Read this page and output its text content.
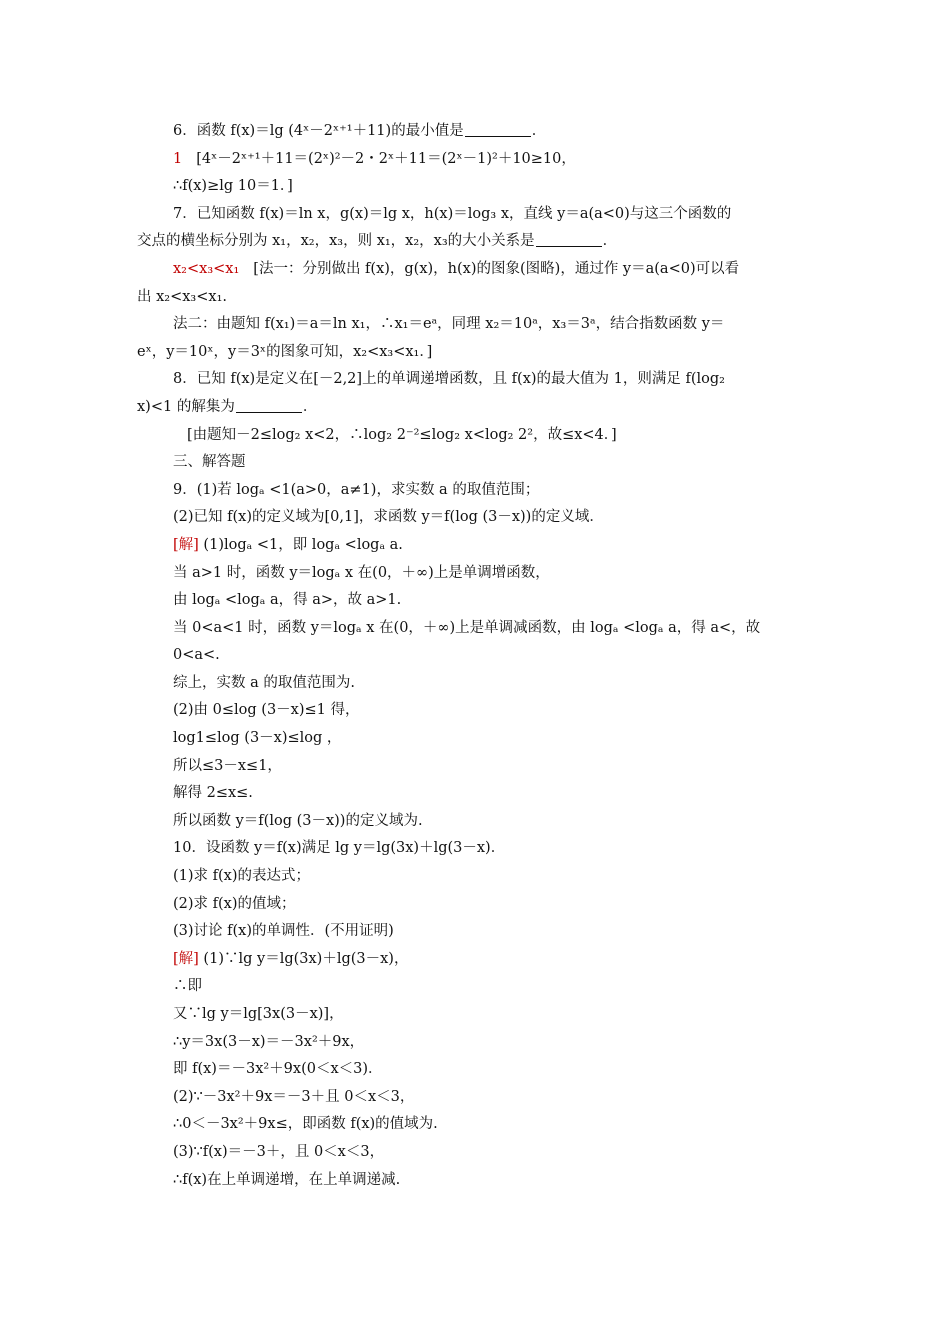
6．函数 f(x)＝lg (4ˣ－2ˣ⁺¹＋11)的最小值是	．
1 [4ˣ－2ˣ⁺¹＋11＝(2ˣ)²－2・2ˣ＋11＝(2ˣ－1)²＋10≥10，
∴f(x)≥lg 10＝1．]
7．已知函数 f(x)＝ln x，g(x)＝lg x，h(x)＝log₃ x，直线 y＝a(a<0)与这三个函数的
交点的横坐标分别为 x₁，x₂，x₃，则 x₁，x₂，x₃的大小关系是	．
x₂<x₃<x₁ [法一：分别做出 f(x)，g(x)，h(x)的图象(图略)，通过作 y＝a(a<0)可以看
出 x₂<x₃<x₁.
法二：由题知 f(x₁)＝a＝ln x₁，∴x₁＝eᵃ，同理 x₂＝10ᵃ，x₃＝3ᵃ，结合指数函数 y＝
eˣ，y＝10ˣ，y＝3ˣ的图象可知，x₂<x₃<x₁．]
8．已知 f(x)是定义在[－2,2]上的单调递增函数，且 f(x)的最大值为 1，则满足 f(log₂
x)<1 的解集为	．
[由题知－2≤log₂ x<2，∴log₂ 2⁻²≤log₂ x<log₂ 2²，故≤x<4．]
三、解答题
9．(1)若 logₐ <1(a>0，a≠1)，求实数 a 的取值范围；
(2)已知 f(x)的定义域为[0,1]，求函数 y＝f(log (3－x))的定义域．
[解] (1)logₐ <1，即 logₐ <logₐ a.
当 a>1 时，函数 y＝logₐ x 在(0，＋∞)上是单调增函数，
由 logₐ <logₐ a，得 a>，故 a>1.
当 0<a<1 时，函数 y＝logₐ x 在(0，＋∞)上是单调减函数，由 logₐ <logₐ a，得 a<，故
0<a<.
综上，实数 a 的取值范围为.
(2)由 0≤log (3－x)≤1 得，
log1≤log (3－x)≤log ，
所以≤3－x≤1，
解得 2≤x≤.
所以函数 y＝f(log (3－x))的定义域为.
10．设函数 y＝f(x)满足 lg y＝lg(3x)＋lg(3－x)．
(1)求 f(x)的表达式；
(2)求 f(x)的值域；
(3)讨论 f(x)的单调性．(不用证明)
[解] (1)∵lg y＝lg(3x)＋lg(3－x)，
∴即
又∵lg y＝lg[3x(3－x)]，
∴y＝3x(3－x)＝－3x²＋9x，
即 f(x)＝－3x²＋9x(0＜x＜3)．
(2)∵－3x²＋9x＝－3＋且 0＜x＜3，
∴0＜－3x²＋9x≤，即函数 f(x)的值域为.
(3)∵f(x)＝－3＋，且 0＜x＜3，
∴f(x)在上单调递增，在上单调递减.
